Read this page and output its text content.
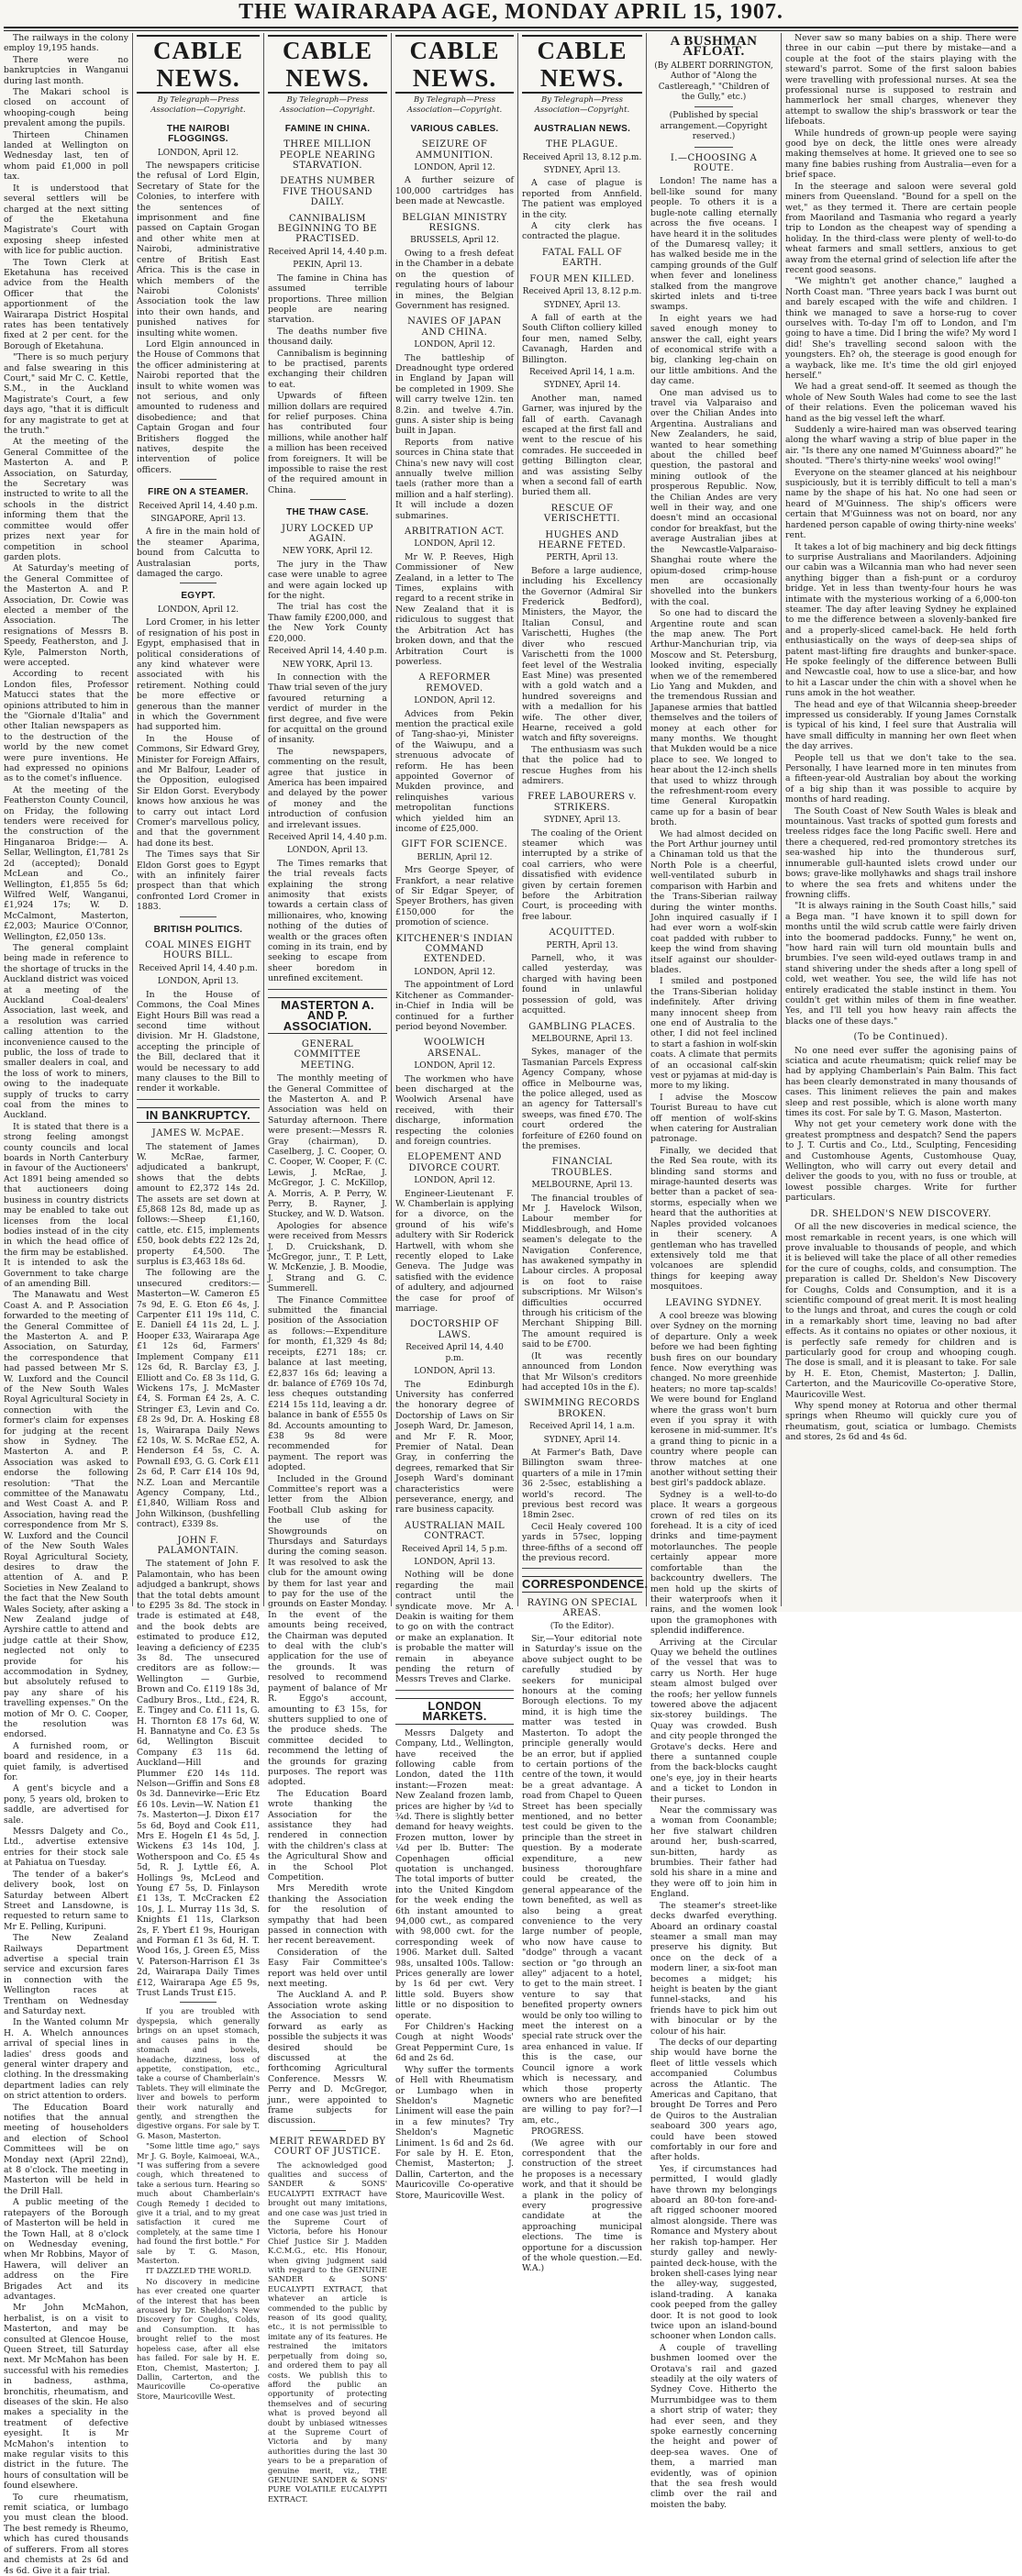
THE WAIRARAPA AGE, MONDAY APRIL 15, 1907.

The railways in the colony employ 19,195 hands.

There were no bankruptcies in Wanganui during last month.

The Makari school is closed on account of whooping-cough being prevalent among the pupils.

Thirteen Chinamen landed at Wellington on Wednesday last, ten of whom paid £1,000 in poll tax.

It is understood that several settlers will be charged at the next sitting of the Eketahuna Magistrate's Court with exposing sheep infested with lice for public auction.

The Town Clerk at Eketahuna has received advice from the Health Officer that the apportionment of the Wairarapa District Hospital rates has been tentatively fixed at 2 per cent. for the Borough of Eketahuna.

"There is so much perjury and false swearing in this Court," said Mr C. C. Kettle, S.M., in the Auckland Magistrate's Court, a few days ago, "that it is difficult for any magistrate to get at the truth."

At the meeting of the General Committee of the Masterton A. and P. Association, on Saturday, the Secretary was instructed to write to all the schools in the district informing them that the committee would offer prizes next year for competition in school garden plots.

At Saturday's meeting of the General Committee of the Masterton A. and P. Association, Dr. Cowie was elected a member of the Association. The resignations of Messrs B. Speedy, Featherston, and J. Kyle, Palmerston North, were accepted.

According to recent London files, Professor Matucci states that the opinions attributed to him in the "Giornale d'Italia" and other Italian newspapers as to the destruction of the world by the new comet were pure inventions. He had expressed no opinions as to the comet's influence.

At the meeting of the Featherston County Council, on Friday, the following tenders were received for the construction of the Hinganaroa Bridge:— A. Sellar, Wellington, £1,781 2s 2d (accepted); Donald McLean and Co., Wellington, £1,855 5s 6d; Wilfred Welf, Wanganui, £1,924 17s; W. D. McCalmont, Masterton, £2,003; Maurice O'Connor, Wellington, £2,050 13s.

The general complaint being made in reference to the shortage of trucks in the Auckland district was voiced at a meeting of the Auckland Coal-dealers' Association, last week, and a resolution was carried calling attention to the inconvenience caused to the public, the loss of trade to smaller dealers in coal, and the loss of work to miners, owing to the inadequate supply of trucks to carry coal from the mines to Auckland.

It is stated that there is a strong feeling amongst county councils and local boards in North Canterbury in favour of the Auctioneers' Act 1891 being amended so that auctioneers doing business in country districts may be enabled to take out licenses from the local bodies instead of in the city in which the head office of the firm may be established. It is intended to ask the Government to take charge of an amending Bill.

The Manawatu and West Coast A. and P. Association forwarded to the meeting of the General Committee of the Masterton A. and P. Association, on Saturday, the correspondence that had passed between Mr S. W. Luxford and the Council of the New South Wales Royal Agricultural Society in connection with the former's claim for expenses for judging at the recent show in Sydney. The Masterton A. and P. Association was asked to endorse the following resolution: "That the committee of the Manawatu and West Coast A. and P. Association, having read the correspondence from Mr S. W. Luxford and the Council of the New South Wales Royal Agricultural Society, desires to draw the attention of A. and P. Societies in New Zealand to the fact that the New South Wales Society, after asking a New Zealand judge of Ayrshire cattle to attend and judge cattle at their Show, neglected not only to provide for his accommodation in Sydney, but absolutely refused to pay any share of his travelling expenses." On the motion of Mr O. C. Cooper, the resolution was endorsed.

A furnished room, or board and residence, in a quiet family, is advertised for.

A gent's bicycle and a pony, 5 years old, broken to saddle, are advertised for sale.

Messrs Dalgety and Co., Ltd., advertise extensive entries for their stock sale at Pahiatua on Tuesday.

The tender of a baker's delivery book, lost on Saturday between Albert Street and Lansdowne, is requested to return same to Mr E. Pelling, Kuripuni.

The New Zealand Railways Department advertise a special train service and excursion fares in connection with the Wellington races at Trentham on Wednesday and Saturday next.

In the Wanted column Mr H. A. Whelch announces arrival of special lines in ladies' dress goods and general winter drapery and clothing. In the dressmaking department ladies can rely on strict attention to orders.

The Education Board notifies that the annual meeting of householders and election of School Committees will be on Monday next (April 22nd), at 8 o'clock. The meeting in Masterton will be held in the Drill Hall.

A public meeting of the ratepayers of the Borough of Masterton will be held in the Town Hall, at 8 o'clock on Wednesday evening, when Mr Robbins, Mayor of Hawera, will deliver an address on the Fire Brigades Act and its advantages.

Mr John McMahon, herbalist, is on a visit to Masterton, and may be consulted at Glencoe House, Queen Street, till Saturday next. Mr McMahon has been successful with his remedies in badness, asthma, bronchitis, rheumatism, and diseases of the skin. He also makes a speciality in the treatment of defective eyesight. It is Mr McMahon's intention to make regular visits to this district in the future. The hours of consultation will be found elsewhere.

To cure rheumatism, remit sciatica, or lumbago you must clean the blood. The best remedy is Rheumo, which has cured thousands of sufferers. From all stores and chemists at 2s 6d and 4s 6d. Give it a fair trial.

CABLE NEWS.
By Telegraph—Press Association—Copyright.
THE NAIROBI FLOGGINGS.
LONDON, April 12.

The newspapers criticise the refusal of Lord Elgin, Secretary of State for the Colonies, to interfere with the sentences of imprisonment and fine passed on Captain Grogan and other white men at Nairobi, administrative centre of British East Africa. This is the case in which members of the Nairobi Colonists' Association took the law into their own hands, and punished natives for insulting white women.

Lord Elgin announced in the House of Commons that the officer administering at Nairobi reported that the insult to white women was not serious, and only amounted to rudeness and disobedience; and that Captain Grogan and four Britishers flogged the natives, despite the intervention of police officers.

FIRE ON A STEAMER.
Received April 14, 4.40 p.m.
SINGAPORE, April 13.

A fire in the main hold of the steamer Aparima, bound from Calcutta to Australasian ports, damaged the cargo.

EGYPT.
LONDON, April 12.

Lord Cromer, in his letter of resignation of his post in Egypt, emphasised that in political considerations of any kind whatever were associated with his retirement. Nothing could be more effective or generous than the manner in which the Government had supported him.

In the House of Commons, Sir Edward Grey, Minister for Foreign Affairs, and Mr Balfour, Leader of the Opposition, eulogised Sir Eldon Gorst. Everybody knows how anxious he was to carry out intact Lord Cromer's marvellous policy, and that the government had done its best.

The Times says that Sir Eldon Gorst goes to Egypt with an infinitely fairer prospect than that which confronted Lord Cromer in 1883.

BRITISH POLITICS.
COAL MINES EIGHT HOURS BILL.
Received April 14, 4.40 p.m.
LONDON, April 13.

In the House of Commons, the Coal Mines Eight Hours Bill was read a second time without division. Mr H. Gladstone, accepting the principle of the Bill, declared that it would be necessary to add many clauses to the Bill to render it workable.

IN BANKRUPTCY.
JAMES W. McPAE.

The statement of James W. McRae, farmer, adjudicated a bankrupt, shows that the debts amount to £2,372 14s 2d. The assets are set down at £5,868 12s 8d, made up as follows:—Sheep £1,160, cattle, etc. £15, implements £50, book debts £22 12s 2d, property £4,500. The surplus is £3,463 18s 6d.

The following are the unsecured creditors:—Masterton—W. Cameron £5 7s 9d, E. G. Eton £6 4s, J. Carpenter £11 19s 11d, C. E. Daniell £4 11s 2d, L. J. Hooper £33, Wairarapa Age £1 12s 6d, Farmers' Implement Company £11 12s 6d, R. Barclay £3, J. Elliott and Co. £8 3s 11d, G. Wickens 17s, J. McMaster £4, S. Forman £4 2s, A. C. Stringer £3, Levin and Co. £8 2s 9d, Dr. A. Hosking £8 1s, Wairarapa Daily News £2 10s, W. S. McRae £52, A. Henderson £4 5s, C. A. Pownall £93, G. G. Cork £11 2s 6d, P. Carr £14 10s 9d, N.Z. Loan and Mercantile Agency Company, Ltd., £1,840, William Ross and John Wilkinson, (bushfelling contract), £339 8s.

JOHN F. PALAMONTAIN.

The statement of John F. Palamontain, who has been adjudged a bankrupt, shows that the total debts amount to £295 3s 8d. The stock in trade is estimated at £48, and the book debts are estimated to produce £12, leaving a deficiency of £235 3s 8d. The unsecured creditors are as follow:—Wellington — Gurbie, Brown and Co. £119 18s 3d, Cadbury Bros., Ltd., £24, R. E. Tingey and Co. £11 1s, G. H. Thornton £8 17s 6d, W. H. Bannatyne and Co. £3 5s 6d, Wellington Biscuit Company £3 11s 6d. Auckland—Hill and Plummer £20 14s 11d. Nelson—Griffin and Sons £8 0s 3d. Dannevirke—Eric Etz £6 10s. Levin—W. Nation £1 7s. Masterton—J. Dixon £17 5s 6d, Boyd and Cook £11, Mrs E. Hogeln £1 4s 5d, J. Wickens £3 14s 10d, J. Wotherspoon and Co. £5 4s 5d, R. J. Lyttle £6, A. Hollings 9s, McLeod and Young £7 5s, D. Finlayson £1 13s, T. McCracken £2 10s, J. L. Murray 11s 3d, S. Knights £1 11s, Clarkson 2s, F. Ybert £1 9s, Hourigan and Forman £1 3s 6d, H. T. Wood 16s, J. Green £5, Miss V. Paterson-Harrison £1 3s 2d, Wairarapa Daily Times £12, Wairarapa Age £5 9s, Trust Lands Trust £15.

If you are troubled with dyspepsia, which generally brings on an upset stomach, and causes pains in the stomach and bowels, headache, dizziness, loss of appetite, constipation, etc., take a course of Chamberlain's Tablets. They will eliminate the liver and bowels to perform their work naturally and gently, and strengthen the digestive organs. For sale by T. G. Mason, Masterton.

"Some little time ago," says Mr J. G. Boyle, Kaimoeai, W.A., "I was suffering from a severe cough, which threatened to take a serious turn. Hearing so much about Chamberlain's Cough Remedy I decided to give it a trial, and to my great satisfaction it cured me completely, at the same time I had found the first bottle." For sale by T. G. Mason, Masterton.

IT DAZZLED THE WORLD.

No discovery in medicine has ever created one quarter of the interest that has been aroused by Dr. Sheldon's New Discovery for Coughs, Colds, and Consumption. It has brought relief to the most hopeless case, after all else has failed. For sale by H. E. Eton, Chemist, Masterton; J. Dallin, Carterton, and the Mauricoville Co-operative Store, Mauricoville West.

CABLE NEWS.
By Telegraph—Press Association—Copyright.
FAMINE IN CHINA.
THREE MILLION PEOPLE NEARING STARVATION.
DEATHS NUMBER FIVE THOUSAND DAILY.
CANNIBALISM BEGINNING TO BE PRACTISED.
Received April 14, 4.40 p.m.
PEKIN, April 13.

The famine in China has assumed terrible proportions. Three million people are nearing starvation.

The deaths number five thousand daily.

Cannibalism is beginning to be practised, parents exchanging their children to eat.

Upwards of fifteen million dollars are required for relief purposes. China has contributed four millions, while another half a million has been received from foreigners. It will be impossible to raise the rest of the required amount in China.

THE THAW CASE.
JURY LOCKED UP AGAIN.
NEW YORK, April 12.

The jury in the Thaw case were unable to agree and were again locked up for the night.

The trial has cost the Thaw family £200,000, and the New York County £20,000.

Received April 14, 4.40 p.m.
NEW YORK, April 13.

In connection with the Thaw trial seven of the jury favoured returning a verdict of murder in the first degree, and five were for acquittal on the ground of insanity.

The newspapers, commenting on the result, agree that justice in America has been impaired and delayed by the power of money and the introduction of confusion and irrelevant issues.

Received April 14, 4.40 p.m.
LONDON, April 13.

The Times remarks that the trial reveals facts explaining the strong animosity that exists towards a certain class of millionaires, who, knowing nothing of the duties of wealth or the graces often coming in its train, end by seeking to escape from sheer boredom in unrefined excitement.

MASTERTON A. AND P. ASSOCIATION.
GENERAL COMMITTEE MEETING.

The monthly meeting of the General Committee of the Masterton A. and P. Association was held on Saturday afternoon. There were present:—Messrs R. Gray (chairman), D. Caselberg, J. C. Cooper, O. C. Cooper, W. Cooper, F. (C. Lewis, J. McRae, J. McGregor, J. C. McKillop, A. Morris, A. P. Perry, W. Perry, B. Rayner, J. Stuckey, and W. D. Watson.

Apologies for absence were received from Messrs J. D. Cruickshank, D. McGregor, junr., T. P. Lett, W. McKenzie, J. B. Moodie, J. Strang and G. C. Summerell.

The Finance Committee submitted the financial position of the Association as follows:—Expenditure for month, £1,329 4s 8d; receipts, £271 18s; cr. balance at last meeting, £2,837 16s 6d; leaving a dr. balance of £769 10s 7d, less cheques outstanding £214 15s 11d, leaving a dr. balance in bank of £555 0s 8d. Accounts amounting to £38 9s 8d were recommended for payment. The report was adopted.

Included in the Ground Committee's report was a letter from the Albion Football Club asking for the use of the Showgrounds on Thursdays and Saturdays during the coming season. It was resolved to ask the club for the amount owing by them for last year and to pay for the use of the grounds on Easter Monday. In the event of the amounts being received, the Chairman was deputed to deal with the club's application for the use of the grounds. It was resolved to recommend payment of balance of Mr R. Eggo's account, amounting to £3 15s, for shutters supplied to one of the produce sheds. The committee decided to recommend the letting of the grounds for grazing purposes. The report was adopted.

The Education Board wrote thanking the Association for the assistance they had rendered in connection with the children's class at the Agricultural Show and in the School Plot Competition.

Mrs Meredith wrote thanking the Association for the resolution of sympathy that had been passed in connection with her recent bereavement.

Consideration of the Easy Fair Committee's report was held over until next meeting.

The Auckland A. and P. Association wrote asking the Association to send forward as early as possible the subjects it was desired should be discussed at the forthcoming Agricultural Conference. Messrs W. Perry and D. McGregor, junr., were appointed to frame subjects for discussion.

MERIT REWARDED BY COURT OF JUSTICE.

The acknowledged good qualities and success of SANDER & SONS' EUCALYPTI EXTRACT have brought out many imitations, and one case was just tried in the Supreme Court of Victoria, before his Honour Chief Justice Sir J. Madden K.C.M.G., etc. His Honour, when giving judgment said with regard to the GENUINE SANDER & SONS' EUCALYPTI EXTRACT, that whatever an article is commended to the public by reason of its good quality, etc., it is not permissible to imitate any of its features. He restrained the imitators perpetually from doing so, and ordered them to pay all costs. We publish this to afford the public an opportunity of protecting themselves and of securing what is proved beyond all doubt by unbiased witnesses at the Supreme Court of Victoria and by many authorities during the last 30 years to be a preparation of genuine merit, viz., THE GENUINE SANDER & SONS' PURE VOLATILE EUCALYPTI EXTRACT.

CABLE NEWS.
By Telegraph—Press Association—Copyright.
VARIOUS CABLES.
SEIZURE OF AMMUNITION.
LONDON, April 12.

A further seizure of 100,000 cartridges has been made at Newcastle.

BELGIAN MINISTRY RESIGNS.
BRUSSELS, April 12.

Owing to a fresh defeat in the Chamber in a debate on the question of regulating hours of labour in mines, the Belgian Government has resigned.

NAVIES OF JAPAN AND CHINA.
LONDON, April 12.

The battleship of Dreadnought type ordered in England by Japan will be completed in 1909. She will carry twelve 12in. ten 8.2in. and twelve 4.7in. guns. A sister ship is being built in Japan.

Reports from native sources in China state that China's new navy will cost annually twelve million taels (rather more than a million and a half sterling). It will include a dozen submarines.

ARBITRATION ACT.
LONDON, April 12.

Mr W. P. Reeves, High Commissioner of New Zealand, in a letter to The Times, explains with regard to a recent strike in New Zealand that it is ridiculous to suggest that the Arbitration Act has broken down, and that the Arbitration Court is powerless.

A REFORMER REMOVED.
LONDON, April 12.

Advices from Pekin mention the practical exile of Tang-shao-yi, Minister of the Waiwupu, and a strenuous advocate of reform. He has been appointed Governor of Mukden province, and relinquishes various metropolitan functions which yielded him an income of £25,000.

GIFT FOR SCIENCE.
BERLIN, April 12.

Mrs George Speyer, of Frankfort, a near relative of Sir Edgar Speyer, of Speyer Brothers, has given £150,000 for the promotion of science.

KITCHENER'S INDIAN COMMAND EXTENDED.
LONDON, April 12.

The appointment of Lord Kitchener as Commander-in-Chief in India will be continued for a further period beyond November.

WOOLWICH ARSENAL.
LONDON, April 12.

The workmen who have been discharged at the Woolwich Arsenal have received, with their discharge, information respecting the colonies and foreign countries.

ELOPEMENT AND DIVORCE COURT.
LONDON, April 12.

Engineer-Lieutenant F. W. Chamberlain is applying for a divorce, on the ground of his wife's adultery with Sir Roderick Hartwell, with whom she recently eloped to Lake Geneva. The Judge was satisfied with the evidence of adultery, and adjourned the case for proof of marriage.

DOCTORSHIP OF LAWS.
Received April 14, 4.40 p.m.
LONDON, April 13.

The Edinburgh University has conferred the honorary degree of Doctorship of Laws on Sir Joseph Ward, Dr. Jameson, and Mr F. R. Moor, Premier of Natal. Dean Gray, in conferring the degrees, remarked that Sir Joseph Ward's dominant characteristics were perseverance, energy, and rare business capacity.

AUSTRALIAN MAIL CONTRACT.
Received April 14, 5 p.m.
LONDON, April 13.

Nothing will be done regarding the mail contract until the syndicate move. Mr A. Deakin is waiting for them to go on with the contract or make an explanation. It is probable the matter will remain in abeyance pending the return of Messrs Treves and Clarke.

LONDON MARKETS.

Messrs Dalgety and Company, Ltd., Wellington, have received the following cable from London, dated the 11th instant:—Frozen meat: New Zealand frozen lamb, prices are higher by ¼d to ¾d. There is slightly better demand for heavy weights. Frozen mutton, lower by ¼d per lb. Butter: The Copenhagen official quotation is unchanged. The total imports of butter into the United Kingdom for the week ending the 6th instant amounted to 94,000 cwt., as compared with 98,000 cwt. for the corresponding week of 1906. Market dull. Salted 98s, unsalted 100s. Tallow: Prices generally are lower by 1s 6d per cwt. Very little sold. Buyers show little or no disposition to operate.

For Children's Hacking Cough at night Woods' Great Peppermint Cure, 1s 6d and 2s 6d.

Why suffer the torments of Hell with Rheumatism or Lumbago when in Sheldon's Magnetic Liniment will ease the pain in a few minutes? Try Sheldon's Magnetic Liniment. 1s 6d and 2s 6d. For sale by H. E. Eton, Chemist, Masterton; J. Dallin, Carterton, and the Mauricoville Co-operative Store, Mauricoville West.

CABLE NEWS.
By Telegraph—Press Association—Copyright.
AUSTRALIAN NEWS.
THE PLAGUE.
Received April 13, 8.12 p.m.
SYDNEY, April 13.

A case of plague is reported from Annfield. The patient was employed in the city.

A city clerk has contracted the plague.

FATAL FALL OF EARTH.
FOUR MEN KILLED.
Received April 13, 8.12 p.m.
SYDNEY, April 13.

A fall of earth at the South Clifton colliery killed four men, named Selby, Cavanagh, Harden and Billington.

Received April 14, 1 a.m.
SYDNEY, April 14.

Another man, named Garner, was injured by the fall of earth. Cavanagh escaped at the first fall and went to the rescue of his comrades. He succeeded in getting Billington clear, and was assisting Selby when a second fall of earth buried them all.

RESCUE OF VERISCHETTI.
HUGHES AND HEARNE FETED.
PERTH, April 13.

Before a large audience, including his Excellency the Governor (Admiral Sir Frederick Bedford), Ministers, the Mayor, the Italian Consul, and Varischetti, Hughes (the diver who rescued Varischetti from the 1000 feet level of the Westralia East Mine) was presented with a gold watch and a hundred sovereigns and with a medallion for his wife. The other diver, Hearne, received a gold watch and fifty sovereigns.

The enthusiasm was such that the police had to rescue Hughes from his admirers.

FREE LABOURERS v. STRIKERS.
SYDNEY, April 13.

The coaling of the Orient steamer which was interrupted by a strike of coal carriers, who were dissatisfied with evidence given by certain foremen before the Arbitration Court, is proceeding with free labour.

ACQUITTED.
PERTH, April 13.

Parnell, who, it was called yesterday, was charged with having been found in unlawful possession of gold, was acquitted.

GAMBLING PLACES.
MELBOURNE, April 13.

Sykes, manager of the Tasmanian Parcels Express Agency Company, whose office in Melbourne was, the police alleged, used as an agency for Tattersall's sweeps, was fined £70. The court ordered the forfeiture of £260 found on the premises.

FINANCIAL TROUBLES.
MELBOURNE, April 13.

The financial troubles of Mr J. Havelock Wilson, Labour member for Middlesbrough, and Home seamen's delegate to the Navigation Conference, has awakened sympathy in Labour circles. A proposal is on foot to raise subscriptions. Mr Wilson's difficulties occurred through his criticism of the Merchant Shipping Bill. The amount required is said to be £700.

(It was recently announced from London that Mr Wilson's creditors had accepted 10s in the £).

SWIMMING RECORDS BROKEN.
Received April 14, 1 a.m.
SYDNEY, April 14.

At Farmer's Bath, Dave Billington swam three-quarters of a mile in 17min 36 2-5sec, establishing a world's record. The previous best record was 18min 2sec.

Cecil Healy covered 100 yards in 57sec, lopping three-fifths of a second off the previous record.

CORRESPONDENCE.
RAYING ON SPECIAL AREAS.
(To the Editor).

Sir,—Your editorial note in Saturday's issue on the above subject ought to be carefully studied by seekers for municipal honours at the coming Borough elections. To my mind, it is high time the matter was tested in Masterton. To adopt the principle generally would be an error, but if applied to certain portions of the centre of the town, it would be a great advantage. A road from Chapel to Queen Street has been specially mentioned, and no better test could be given to the principle than the street in question. By a moderate expenditure, a new business thoroughfare could be created, the general appearance of the town benefited, as well as also being a great convenience to the very large number of people, who now have cause to "dodge" through a vacant section or "go through an alley" adjacent to a hotel, to get to the main street. I venture to say that benefited property owners would be only too willing to meet the interest on a special rate struck over the area enhanced in value. If this is the case, our Council ignore a work which is necessary, and which those property owners who are benefited are willing to pay for?—I am, etc.,

PROGRESS.

(We agree with our correspondent that the construction of the street he proposes is a necessary work, and that it should be a plank in the policy of every progressive candidate at the approaching municipal elections. The time is opportune for a discussion of the whole question.—Ed. W.A.)

A BUSHMAN AFLOAT.
(By ALBERT DORRINGTON, Author of "Along the Castlereagh," "Children of the Gully," etc.)
(Published by special arrangement.—Copyright reserved.)
I.—CHOOSING A ROUTE.

London! The name has a bell-like sound for many people. To others it is a bugle-note calling eternally across the five oceans. I have heard it in the solitudes of the Dumaresq valley; it has walked beside me in the camping grounds of the Gulf when fever and loneliness stalked from the mangrove skirted inlets and ti-tree swamps.

In eight years we had saved enough money to answer the call, eight years of economical strife with a big, clanking leg-chain on our little ambitions. And the day came.

One man advised us to travel via Valparaiso and over the Chilian Andes into Argentina. Australians and New Zealanders, he said, wanted to hear something about the chilled beef question, the pastoral and mining outlook of the prosperous Republic. Now, the Chilian Andes are very well in their way, and one doesn't mind an occasional condor for breakfast, but the average Australian jibes at the Newcastle-Valparaiso-Shanghai route where the opium-dosed crimp-house men are occasionally shovelled into the bunkers with the coal.

So one had to discard the Argentine route and scan the map anew. The Port Arthur-Manchurian trip, via Moscow and St. Petersburg, looked inviting, especially when we of the remembered Lio Yang and Mukden, and the tremendous Russian and Japanese armies that battled themselves and the toilers of money at each other for many months. We thought that Mukden would be a nice place to see. We longed to hear about the 12-inch shells that used to whizz through the refreshment-room every time General Kuropatkin came up for a basin of bear broth.

We had almost decided on the Port Arthur journey until a Chinaman told us that the North Pole is a cheerful, well-ventilated suburb in comparison with Harbin and the Trans-Siberian railway during the winter months. John inquired casually if I had ever worn a wolf-skin coat padded with rubber to keep the wind from shaving itself against our shoulder-blades.

I smiled and postponed the Trans-Siberian holiday indefinitely. After driving many innocent sheep from one end of Australia to the other, I did not feel inclined to start a fashion in wolf-skin coats. A climate that permits of an occasional calf-skin vest or pyjamas at mid-day is more to my liking.

I advise the Moscow Tourist Bureau to have cut off mention of wolf-skins when catering for Australian patronage.

Finally, we decided that the Red Sea route, with its blinding sand storms and mirage-haunted deserts was better than a packet of sea-storms, especially when we heard that the authorities at Naples provided volcanoes in their scenery. A gentleman who has travelled extensively told me that volcanoes are splendid things for keeping away mosquitoes.

LEAVING SYDNEY.

A cool breeze was blowing over Sydney on the morning of departure. Only a week before we had been fighting bush fires on our boundary fence. Now everything was changed. No more greenhide heaters; no more tap-scalds! We were bound for England where the grass won't burn even if you spray it with kerosene in mid-summer. It's a grand thing to picnic in a country where people can throw matches at one another without setting their best girl's paddock ablaze.

Sydney is a well-to-do place. It wears a gorgeous crown of red tiles on its forehead. It is a city of iced drinks and time-payment motorlaunches. The people certainly appear more comfortable than the backcountry dwellers. The men hold up the skirts of their waterproofs when it rains, and the women look upon the gramophones with splendid indifference.

Arriving at the Circular Quay we beheld the outlines of the vessel that was to carry us North. Her huge steam almost bulged over the roofs; her yellow funnels towered above the adjacent six-storey buildings. The Quay was crowded. Bush and city people thronged the Grotave's decks. Here and there a suntanned couple from the back-blocks caught one's eye, joy in their hearts and a ticket to London in their purses.

Near the commissary was a woman from Coonamble; her five stalwart children around her, bush-scarred, sun-bitten, hardy as brumbies. Their father had sold his share in a mine and they were off to join him in England.

The steamer's street-like decks dwarfed everything. Aboard an ordinary coastal steamer a small man may preserve his dignity. But once on the deck of a modern liner, a six-foot man becomes a midget; his height is beaten by the giant funnel-stacks, and his friends have to pick him out with binocular or by the colour of his hair.

The decks of our departing ship would have borne the fleet of little vessels which accompanied Columbus across the Atlantic. The Americas and Capitano, that brought De Torres and Pero de Quiros to the Australian seaboard 300 years ago, could have been stowed comfortably in our fore and after holds.

Yes, if circumstances had permitted, I would gladly have thrown my belongings aboard an 80-ton fore-and-aft rigged schooner moored almost alongside. There was Romance and Mystery about her rakish top-hamper. Her sturdy galley and newly-painted deck-house, with the broken shell-cases lying near the alley-way, suggested, island-trading. A kanaka cook peeped from the galley door. It is not good to look twice upon an island-bound schooner when London calls.

A couple of travelling bushmen loomed over the Orotava's rail and gazed steadily at the oily waters of Sydney Cove. Hitherto the Murrumbidgee was to them a short strip of water; they had ever seen, and they spoke earnestly concerning the height and power of deep-sea waves. One of them, a married man evidently, was of opinion that the sea fresh would climb over the rail and moisten the baby.

Never saw so many babies on a ship. There were three in our cabin —put there by mistake—and a couple at the foot of the stairs playing with the steward's parrot. Some of the first saloon babies were travelling with professional nurses. At sea the professional nurse is supposed to restrain and hammerlock her small charges, whenever they attempt to swallow the ship's brasswork or tear the lifeboats.

While hundreds of grown-up people were saying good bye on deck, the little ones were already making themselves at home. It grieved one to see so many fine babies rushing from Australia—even for a brief space.

In the steerage and saloon were several gold miners from Queensland. "Bound for a spell on the wet," as they termed it. There are certain people from Maoriland and Tasmania who regard a yearly trip to London as the cheapest way of spending a holiday. In the third-class were plenty of well-to-do wheat farmers and small settlers, anxious to get away from the eternal grind of selection life after the recent good seasons.

"We mightn't get another chance," laughed a North Coast man. "Three years back I was burnt out and barely escaped with the wife and children. I think we managed to save a horse-rug to cover ourselves with. To-day I'm off to London, and I'm going to have a time. Did I bring the wife? My word I did! She's travelling second saloon with the youngsters. Eh? oh, the steerage is good enough for a wayback, like me. It's time the old girl enjoyed herself."

We had a great send-off. It seemed as though the whole of New South Wales had come to see the last of their relations. Even the policeman waved his hand as the big vessel left the wharf.

Suddenly a wire-haired man was observed tearing along the wharf waving a strip of blue paper in the air. "Is there any one named M'Guinness aboard?" he shouted. "There's thirty-nine weeks' wool owing!"

Everyone on the steamer glanced at his neighbour suspiciously, but it is terribly difficult to tell a man's name by the shape of his hat. No one had seen or heard of M'Guinness. The ship's officers were certain that M'Guinness was not on board, nor any hardened person capable of owing thirty-nine weeks' rent.

It takes a lot of big machinery and big deck fittings to surprise Australians and Maorilanders. Adjoining our cabin was a Wilcannia man who had never seen anything bigger than a fish-punt or a corduroy bridge. Yet in less than twenty-four hours he was intimate with the mysterious working of a 6,000-ton steamer. The day after leaving Sydney he explained to me the difference between a slovenly-banked fire and a properly-sliced camel-back. He held forth enthusiastically on the ways of deep-sea ships of patent mast-lifting fire draughts and bunker-space. He spoke feelingly of the difference between Bulli and Newcastle coal, how to use a slice-bar, and how to hit a Lascar under the chin with a shovel when he runs amok in the hot weather.

The head and eye of that Wilcannia sheep-breeder impressed us considerably. If young James Cornstalk is typical of his kind, I feel sure that Australia will have small difficulty in manning her own fleet when the day arrives.

People tell us that we don't take to the sea. Personally, I have learned more in ten minutes from a fifteen-year-old Australian boy about the working of a big ship than it was possible to acquire by months of hard reading.

The South Coast of New South Wales is bleak and mountainous. Vast tracks of spotted gum forests and treeless ridges face the long Pacific swell. Here and there a chequered, red-red promontory stretches its sea-washed hip into the thunderous surf, innumerable gull-haunted islets crowd under our bows; grave-like mollyhawks and shags trail inshore to where the sea frets and whitens under the frowning cliffs.

"It is always raining in the South Coast hills," said a Bega man. "I have known it to spill down for months until the wild scrub cattle were fairly driven into the boomerad paddocks. Funny," he went on, "how hard rain will turn old mountain bulls and brumbies. I've seen wild-eyed outlaws tramp in and stand shivering under the sheds after a long spell of cold, wet weather. You see, the wild life has not entirely eradicated the stable instinct in them. You couldn't get within miles of them in fine weather. Yes, and I'll tell you how heavy rain affects the blacks one of these days."

(To be Continued).

No one need ever suffer the agonising pains of sciatica and acute rheumatism; quick relief may be had by applying Chamberlain's Pain Balm. This fact has been clearly demonstrated in many thousands of cases. This liniment relieves the pain and makes sleep and rest possible, which is alone worth many times its cost. For sale by T. G. Mason, Masterton.

Why not get your cemetery work done with the greatest promptness and despatch? Send the papers to J. T. Curtis and Co., Ltd., Sculpting, Fencesiding and Customhouse Agents, Customhouse Quay, Wellington, who will carry out every detail and deliver the goods to you, with no fuss or trouble, at lowest possible charges. Write for further particulars.

DR. SHELDON'S NEW DISCOVERY.

Of all the new discoveries in medical science, the most remarkable in recent years, is one which will prove invaluable to thousands of people, and which it is believed will take the place of all other remedies for the cure of coughs, colds, and consumption. The preparation is called Dr. Sheldon's New Discovery for Coughs, Colds and Consumption, and it is a scientific compound of great merit. It is most healing to the lungs and throat, and cures the cough or cold in a remarkably short time, leaving no bad after effects. As it contains no opiates or other noxious, it is perfectly safe remedy for children and is particularly good for croup and whooping cough. The dose is small, and it is pleasant to take. For sale by H. E. Eton, Chemist, Masterton; J. Dallin, Carterton, and the Mauricoville Co-operative Store, Mauricoville West.

Why spend money at Rotorua and other thermal springs when Rheumo will quickly cure you of rheumatism, gout, sciatica or lumbago. Chemists and stores, 2s 6d and 4s 6d.
